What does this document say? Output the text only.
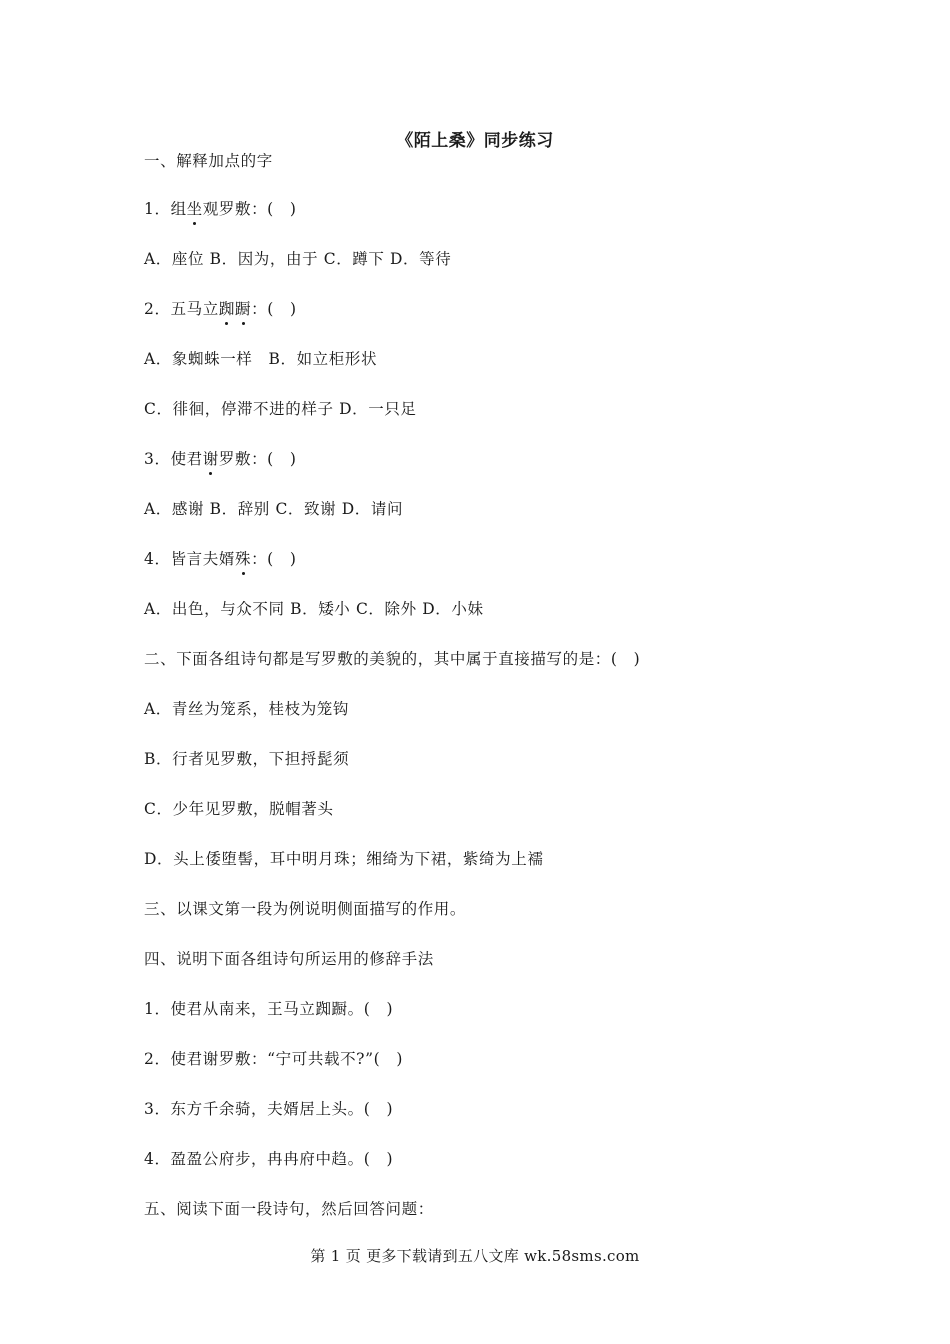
《陌上桑》同步练习
一、解释加点的字
1．组坐观罗敷：(　)
A．座位 B．因为，由于 C．蹲下 D．等待
2．五马立踟蹰：(　)
A．象蜘蛛一样　B．如立柜形状
C．徘徊，停滞不进的样子 D．一只足
3．使君谢罗敷：(　)
A．感谢 B．辞别 C．致谢 D．请问
4．皆言夫婿殊：(　)
A．出色，与众不同 B．矮小 C．除外 D．小妹
二、下面各组诗句都是写罗敷的美貌的，其中属于直接描写的是：(　)
A．青丝为笼系，桂枝为笼钩
B．行者见罗敷，下担捋髭须
C．少年见罗敷，脱帽著头
D．头上倭堕髻，耳中明月珠；缃绮为下裙，紫绮为上襦
三、以课文第一段为例说明侧面描写的作用。
四、说明下面各组诗句所运用的修辞手法
1．使君从南来，王马立踟蹰。(　)
2．使君谢罗敷：“宁可共载不?”(　)
3．东方千余骑，夫婿居上头。(　)
4．盈盈公府步，冉冉府中趋。(　)
五、阅读下面一段诗句，然后回答问题：
第 1 页 更多下载请到五八文库 wk.58sms.com
